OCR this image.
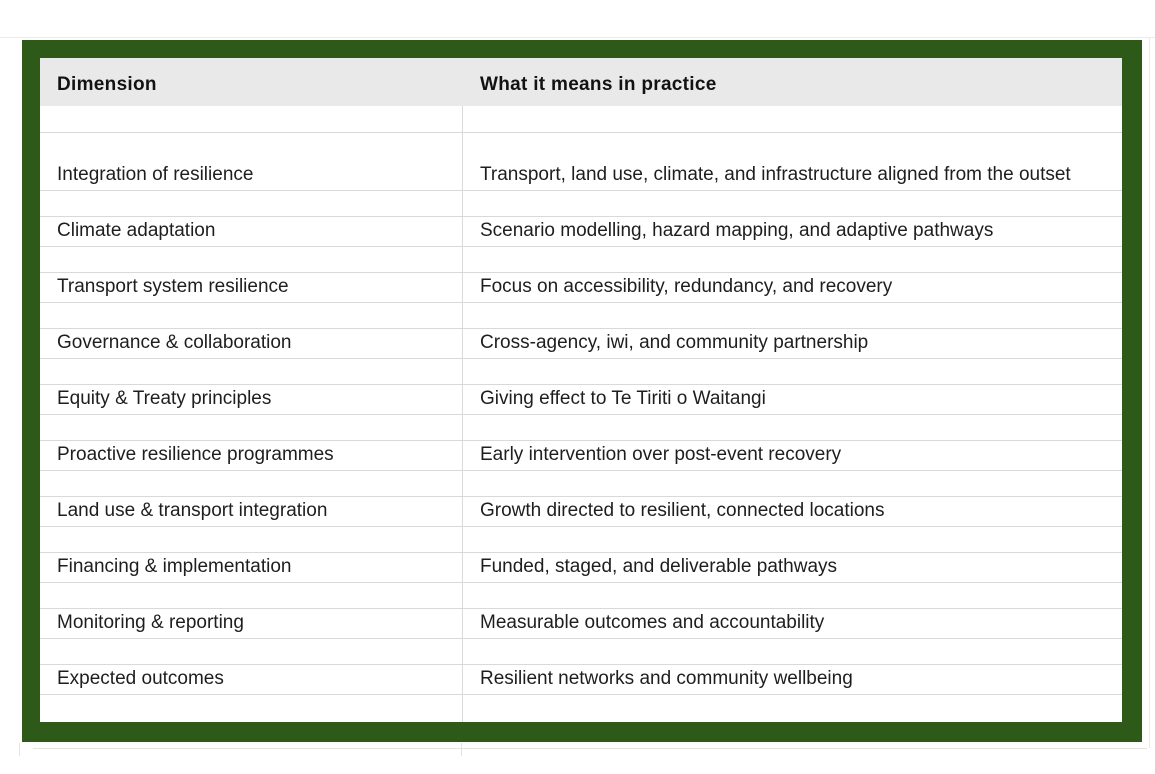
Dimension	What it means in practice
Integration of resilience	Transport, land use, climate, and infrastructure aligned from the outset
Climate adaptation	Scenario modelling, hazard mapping, and adaptive pathways
Transport system resilience	Focus on accessibility, redundancy, and recovery
Governance & collaboration	Cross-agency, iwi, and community partnership
Equity & Treaty principles	Giving effect to Te Tiriti o Waitangi
Proactive resilience programmes	Early intervention over post-event recovery
Land use & transport integration	Growth directed to resilient, connected locations
Financing & implementation	Funded, staged, and deliverable pathways
Monitoring & reporting	Measurable outcomes and accountability
Expected outcomes	Resilient networks and community wellbeing
